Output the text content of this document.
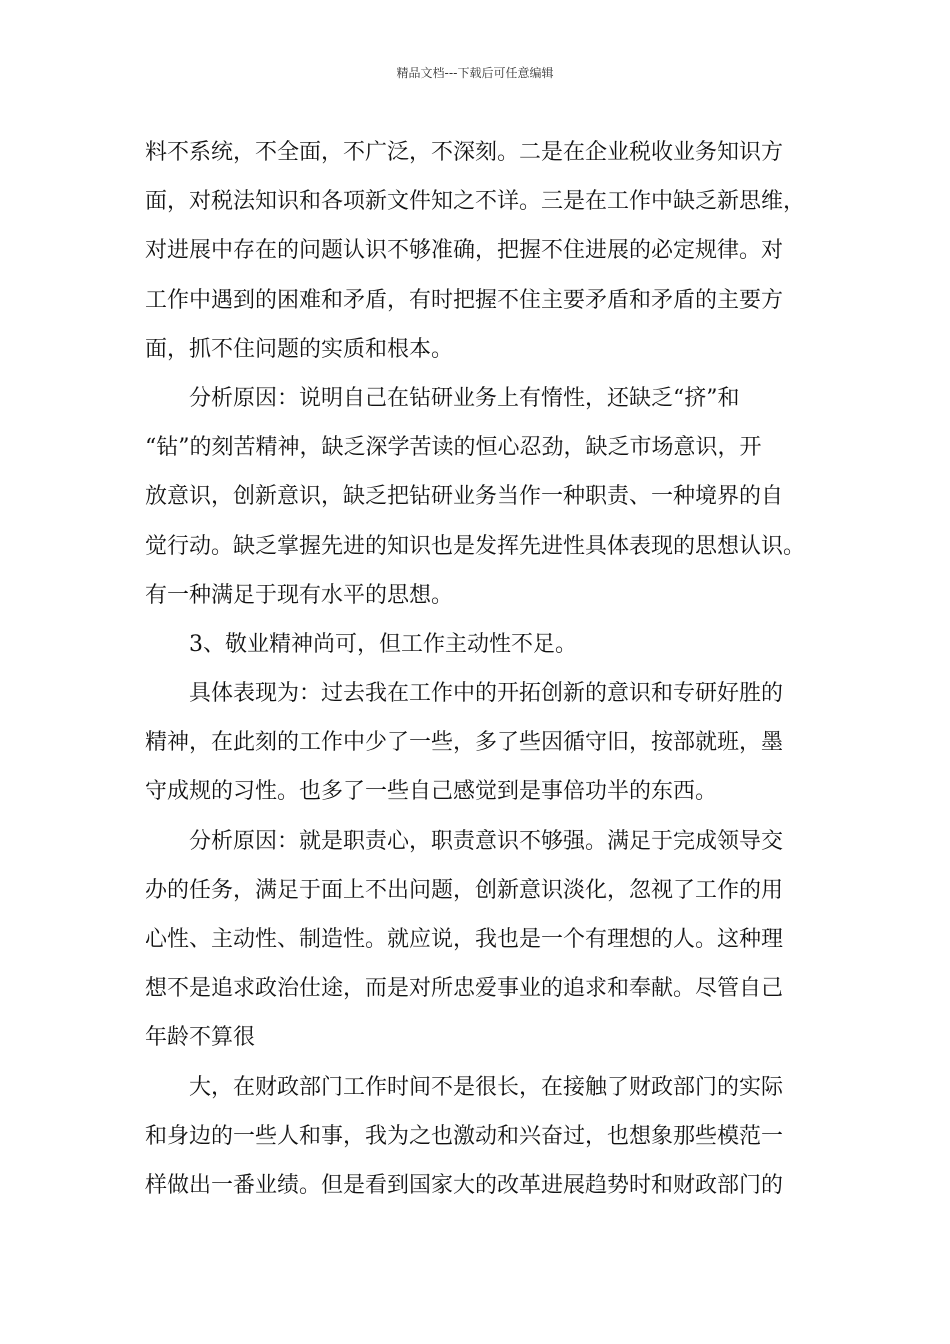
精品文档---下载后可任意编辑
料不系统，不全面，不广泛，不深刻。二是在企业税收业务知识方
面，对税法知识和各项新文件知之不详。三是在工作中缺乏新思维，
对进展中存在的问题认识不够准确，把握不住进展的必定规律。对
工作中遇到的困难和矛盾，有时把握不住主要矛盾和矛盾的主要方
面，抓不住问题的实质和根本。
　　分析原因：说明自己在钻研业务上有惰性，还缺乏“挤”和
“钻”的刻苦精神，缺乏深学苦读的恒心忍劲，缺乏市场意识，开
放意识，创新意识，缺乏把钻研业务当作一种职责、一种境界的自
觉行动。缺乏掌握先进的知识也是发挥先进性具体表现的思想认识。
有一种满足于现有水平的思想。
　　3、敬业精神尚可，但工作主动性不足。
　　具体表现为：过去我在工作中的开拓创新的意识和专研好胜的
精神，在此刻的工作中少了一些，多了些因循守旧，按部就班，墨
守成规的习性。也多了一些自己感觉到是事倍功半的东西。
　　分析原因：就是职责心，职责意识不够强。满足于完成领导交
办的任务，满足于面上不出问题，创新意识淡化，忽视了工作的用
心性、主动性、制造性。就应说，我也是一个有理想的人。这种理
想不是追求政治仕途，而是对所忠爱事业的追求和奉献。尽管自己
年龄不算很
　　大，在财政部门工作时间不是很长，在接触了财政部门的实际
和身边的一些人和事，我为之也激动和兴奋过，也想象那些模范一
样做出一番业绩。但是看到国家大的改革进展趋势时和财政部门的
